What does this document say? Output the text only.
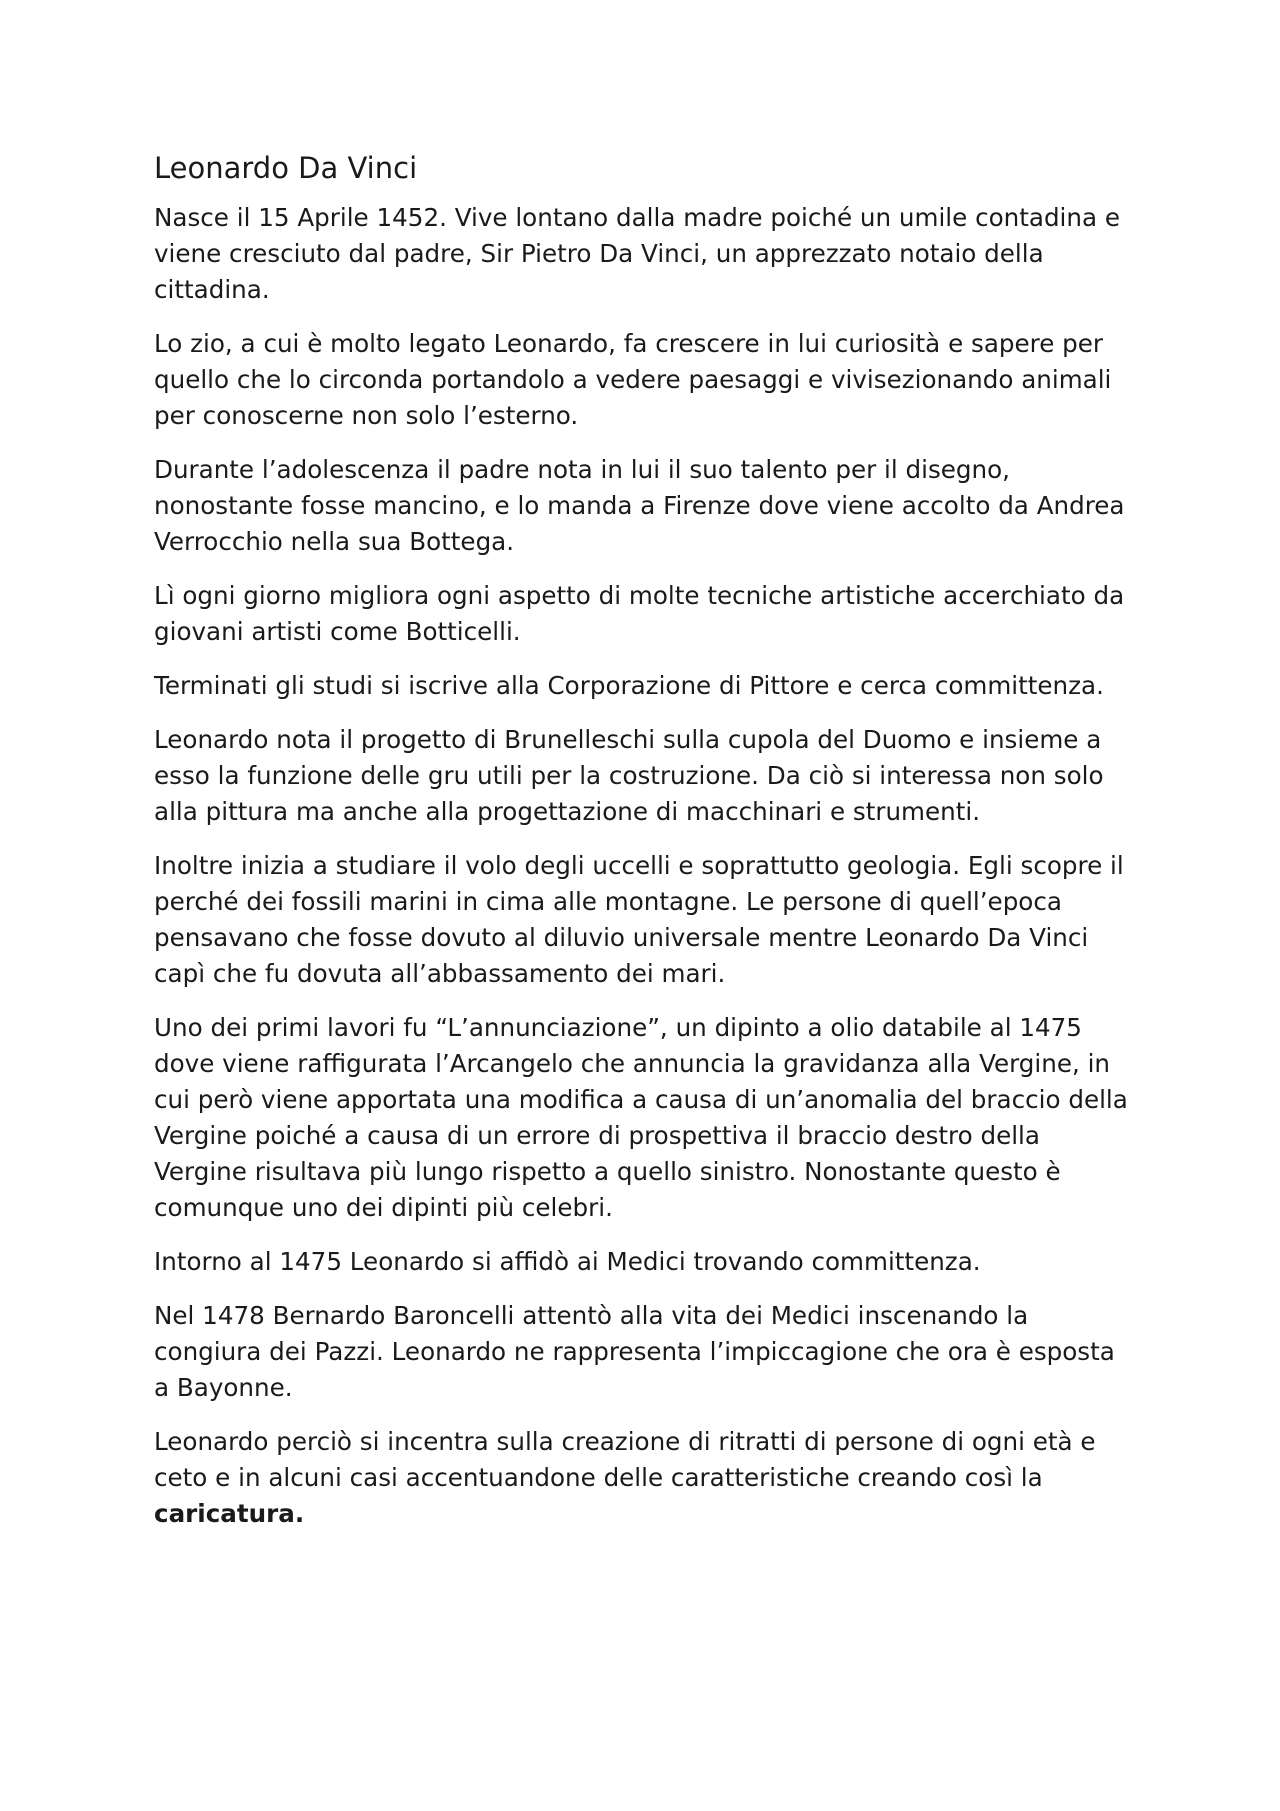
Leonardo Da Vinci

Nasce il 15 Aprile 1452. Vive lontano dalla madre poiché un umile contadina e viene cresciuto dal padre, Sir Pietro Da Vinci, un apprezzato notaio della cittadina.

Lo zio, a cui è molto legato Leonardo, fa crescere in lui curiosità e sapere per quello che lo circonda portandolo a vedere paesaggi e vivisezionando animali per conoscerne non solo l’esterno.

Durante l’adolescenza il padre nota in lui il suo talento per il disegno, nonostante fosse mancino, e lo manda a Firenze dove viene accolto da Andrea Verrocchio nella sua Bottega.

Lì ogni giorno migliora ogni aspetto di molte tecniche artistiche accerchiato da giovani artisti come Botticelli.

Terminati gli studi si iscrive alla Corporazione di Pittore e cerca committenza.

Leonardo nota il progetto di Brunelleschi sulla cupola del Duomo e insieme a esso la funzione delle gru utili per la costruzione. Da ciò si interessa non solo alla pittura ma anche alla progettazione di macchinari e strumenti.

Inoltre inizia a studiare il volo degli uccelli e soprattutto geologia. Egli scopre il perché dei fossili marini in cima alle montagne. Le persone di quell’epoca pensavano che fosse dovuto al diluvio universale mentre Leonardo Da Vinci capì che fu dovuta all’abbassamento dei mari.

Uno dei primi lavori fu “L’annunciazione”, un dipinto a olio databile al 1475 dove viene raffigurata l’Arcangelo che annuncia la gravidanza alla Vergine, in cui però viene apportata una modifica a causa di un’anomalia del braccio della Vergine poiché a causa di un errore di prospettiva il braccio destro della Vergine risultava più lungo rispetto a quello sinistro. Nonostante questo è comunque uno dei dipinti più celebri.

Intorno al 1475 Leonardo si affidò ai Medici trovando committenza.

Nel 1478 Bernardo Baroncelli attentò alla vita dei Medici inscenando la congiura dei Pazzi. Leonardo ne rappresenta l’impiccagione che ora è esposta a Bayonne.

Leonardo perciò si incentra sulla creazione di ritratti di persone di ogni età e ceto e in alcuni casi accentuandone delle caratteristiche creando così la caricatura.
